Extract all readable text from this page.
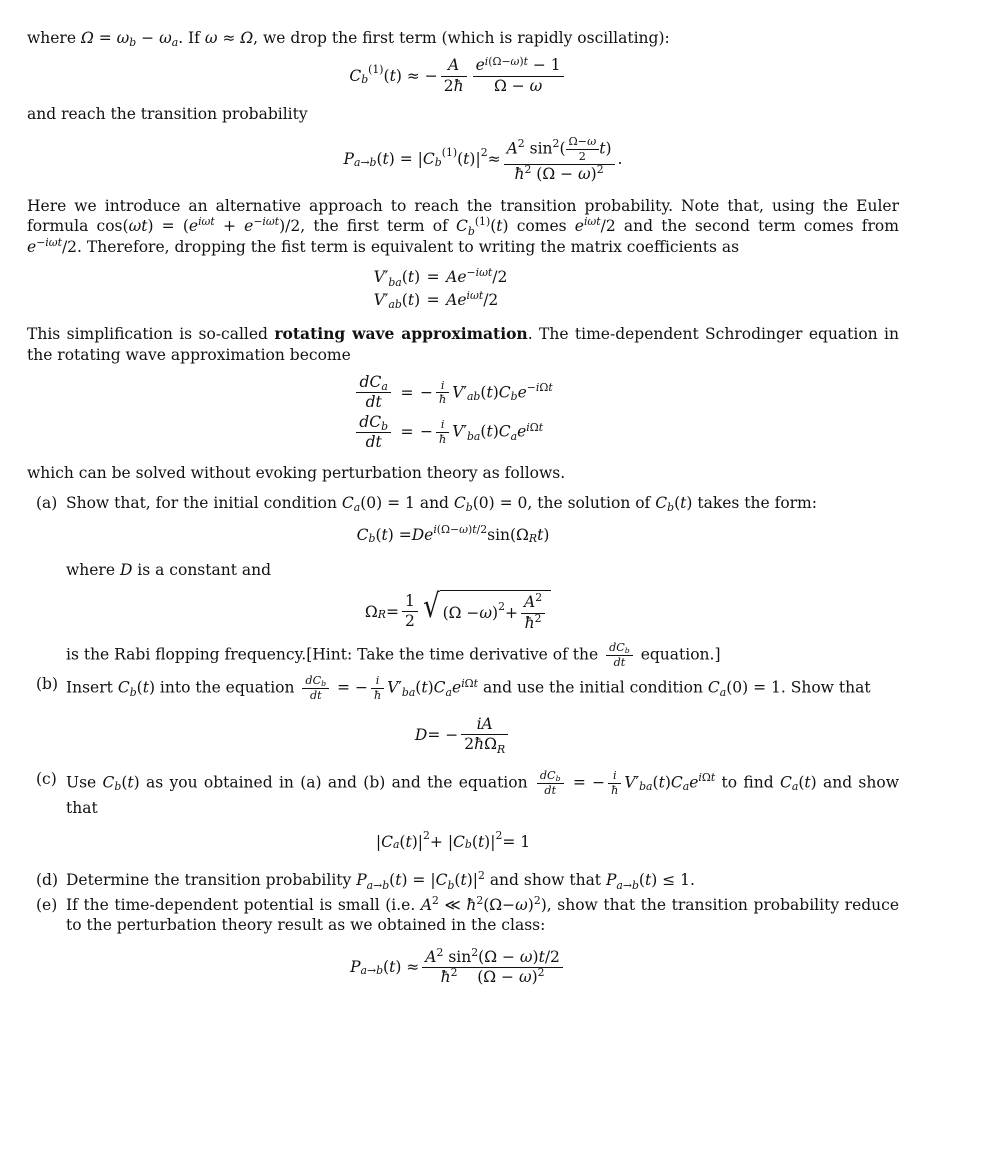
where $\Omega = \omega_b - \omega_a$. If ω ≈ Ω, we drop the first term (which is rapidly oscillating):

$C_b$
$^{(1)}$ ( t ) ≈ − $\frac{A}{2ħ} \frac{e^{i(\Omega-\omega)t} - 1}{\Omega - \omega}$

and reach the transition probability

P $_{a\to b}$ ( t ) = | $C_b$
$^{(1)}$ ( t )$|^2 \approx \frac{A^2 \sin^2( \frac{\Omega-\omega}{2} t)}{ħ^2 (\Omega - \omega)^2}$ .

Here we introduce an alternative approach to reach the transition probability. Note that, using the Euler formula $\cos(\omega t) = (e^{i\omega t} + e^{-i\omega t})/2$, the first term of $C_b^{(1)}(t)$ comes $e^{i\omega t}/2$ and the second term comes from $e^{-i\omega t}/2$. Therefore, dropping the fist term is equivalent to writing the matrix coefficients as

$V'_{ba}(t) = Ae^{-i\omega t}/2$
$V'_{ab}(t) = Ae^{i\omega t}/2$

This simplification is so-called rotating wave approximation. The time-dependent Schrodinger equation in the rotating wave approximation become

$\frac{dC_a}{dt}$ = − $\frac{i}{ħ} V'_{ab}(t)C_be^{-i\Omega t}$
$\frac{dC_b}{dt}$ = − $\frac{i}{ħ} V'_{ba}(t)C_ae^{i\Omega t}$

which can be solved without evoking perturbation theory as follows.

(a) Show that, for the initial condition $C_a(0) = 1$ and $C_b(0) = 0$, the solution of $C_b(t)$ takes the form:
$C_b$ ( t ) = De $^{i(\Omega-\omega)t/2}$ $\sin(\Omega_R$ t )

where D is a constant and

$\Omega_R = \frac{1}{2}$ √ (Ω − ω )$^2 + \frac{A^2}{ħ^2}$

is the Rabi flopping frequency.[Hint: Take the time derivative of the $\frac{dC_b}{dt}$ equation.]

(b) Insert $C_b(t)$ into the equation $\frac{dC_b}{dt}$ = − $\frac{i}{ħ} V'_{ba}(t)C_ae^{i\Omega t}$ and use the initial condition $C_a(0) = 1$. Show that
D = − $\frac{iA}{2ħ\Omega_R}$
(c) Use $C_b(t)$ as you obtained in (a) and (b) and the equation $\frac{dC_b}{dt}$ = − $\frac{i}{ħ} V'_{ba}(t)C_ae^{i\Omega t}$ to find $C_a(t)$ and show that
| $C_a$ ( t )$|^2$ + | $C_b$ ( t )$|^2 = 1$
(d) Determine the transition probability $P_{a\to b}(t) = |C_b(t)|^2$ and show that $P_{a\to b}(t) \le 1$.
(e) If the time-dependent potential is small (i.e. $A^2$ ≪ $ħ^2(\Omega-\omega)^2$), show that the transition probability reduce to the perturbation theory result as we obtained in the class:
P $_{a\to b}$ ( t ) ≈ $\frac{A^2 \sin^2(\Omega - \omega)t/2}{ħ^2 (\Omega - \omega)^2}$
